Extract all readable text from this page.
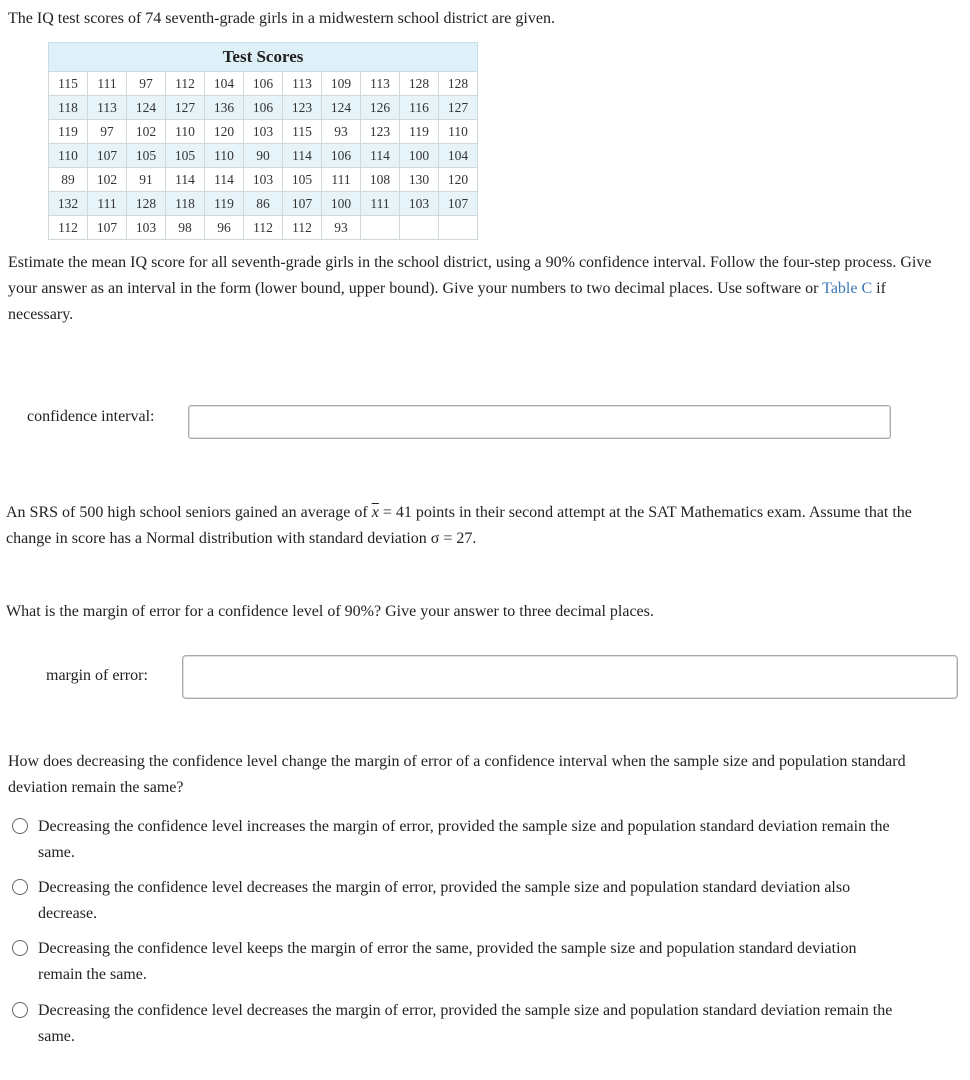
The IQ test scores of 74 seventh-grade girls in a midwestern school district are given.
Test Scores										
115	111	97	112	104	106	113	109	113	128	128
118	113	124	127	136	106	123	124	126	116	127
119	97	102	110	120	103	115	93	123	119	110
110	107	105	105	110	90	114	106	114	100	104
89	102	91	114	114	103	105	111	108	130	120
132	111	128	118	119	86	107	100	111	103	107
112	107	103	98	96	112	112	93			
Estimate the mean IQ score for all seventh-grade girls in the school district, using a 90% confidence interval. Follow the four-step process. Give your answer as an interval in the form (lower bound, upper bound). Give your numbers to two decimal places. Use software or Table C if necessary.
confidence interval:
An SRS of 500 high school seniors gained an average of $\overline{x} = 41$ points in their second attempt at the SAT Mathematics exam. Assume that the change in score has a Normal distribution with standard deviation σ = 27.
What is the margin of error for a confidence level of 90%? Give your answer to three decimal places.
margin of error:
How does decreasing the confidence level change the margin of error of a confidence interval when the sample size and population standard deviation remain the same?
Decreasing the confidence level increases the margin of error, provided the sample size and population standard deviation remain the same.
Decreasing the confidence level decreases the margin of error, provided the sample size and population standard deviation also decrease.
Decreasing the confidence level keeps the margin of error the same, provided the sample size and population standard deviation remain the same.
Decreasing the confidence level decreases the margin of error, provided the sample size and population standard deviation remain the same.
